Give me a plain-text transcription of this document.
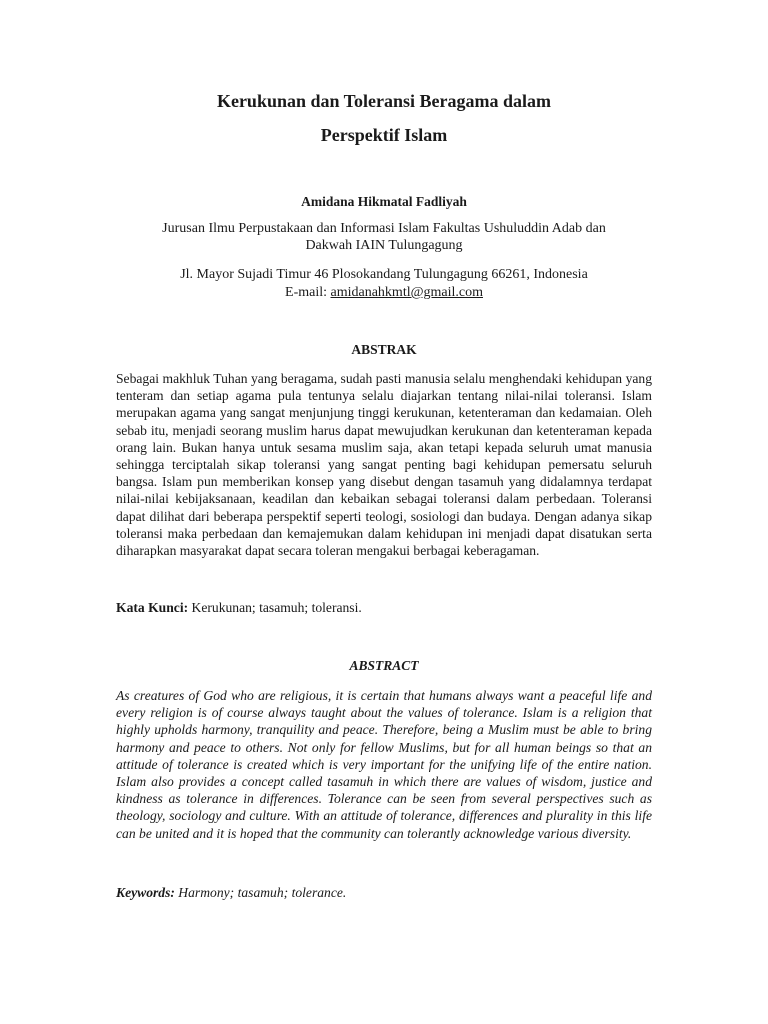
Kerukunan dan Toleransi Beragama dalam
Perspektif Islam
Amidana Hikmatal Fadliyah
Jurusan Ilmu Perpustakaan dan Informasi Islam Fakultas Ushuluddin Adab dan
Dakwah IAIN Tulungagung
Jl. Mayor Sujadi Timur 46 Plosokandang Tulungagung 66261, Indonesia
E-mail: amidanahkmtl@gmail.com
ABSTRAK

Sebagai makhluk Tuhan yang beragama, sudah pasti manusia selalu menghendaki kehidupan yang tenteram dan setiap agama pula tentunya selalu diajarkan tentang nilai-nilai toleransi. Islam merupakan agama yang sangat menjunjung tinggi kerukunan, ketenteraman dan kedamaian. Oleh sebab itu, menjadi seorang muslim harus dapat mewujudkan kerukunan dan ketenteraman kepada orang lain. Bukan hanya untuk sesama muslim saja, akan tetapi kepada seluruh umat manusia sehingga terciptalah sikap toleransi yang sangat penting bagi kehidupan pemersatu seluruh bangsa. Islam pun memberikan konsep yang disebut dengan tasamuh yang didalamnya terdapat nilai-nilai kebijaksanaan, keadilan dan kebaikan sebagai toleransi dalam perbedaan. Toleransi dapat dilihat dari beberapa perspektif seperti teologi, sosiologi dan budaya. Dengan adanya sikap toleransi maka perbedaan dan kemajemukan dalam kehidupan ini menjadi dapat disatukan serta diharapkan masyarakat dapat secara toleran mengakui berbagai keberagaman.

Kata Kunci: Kerukunan; tasamuh; toleransi.

ABSTRACT

As creatures of God who are religious, it is certain that humans always want a peaceful life and every religion is of course always taught about the values of tolerance. Islam is a religion that highly upholds harmony, tranquility and peace. Therefore, being a Muslim must be able to bring harmony and peace to others. Not only for fellow Muslims, but for all human beings so that an attitude of tolerance is created which is very important for the unifying life of the entire nation. Islam also provides a concept called tasamuh in which there are values of wisdom, justice and kindness as tolerance in differences. Tolerance can be seen from several perspectives such as theology, sociology and culture. With an attitude of tolerance, differences and plurality in this life can be united and it is hoped that the community can tolerantly acknowledge various diversity.

Keywords: Harmony; tasamuh; tolerance.
